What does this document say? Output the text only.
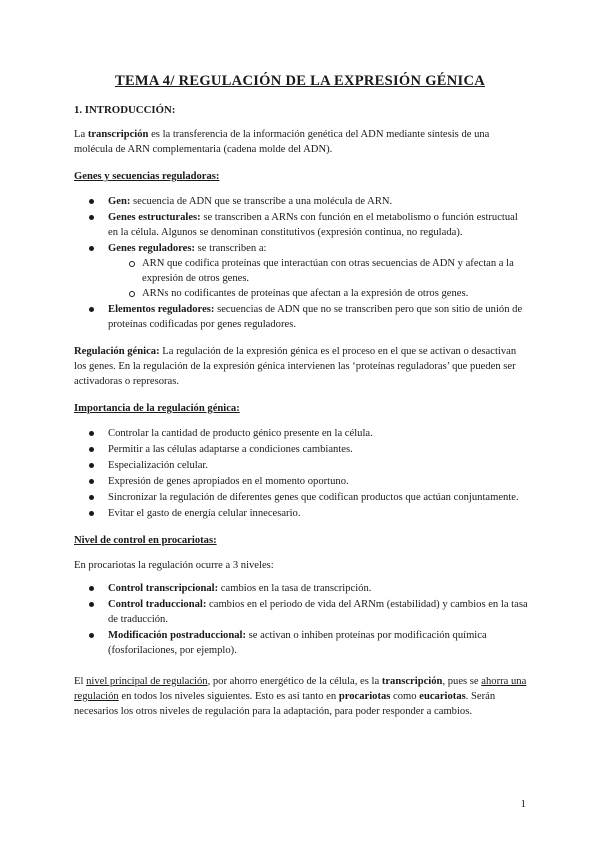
TEMA 4/ REGULACIÓN DE LA EXPRESIÓN GÉNICA
1. INTRODUCCIÓN:
La transcripción es la transferencia de la información genética del ADN mediante síntesis de una molécula de ARN complementaria (cadena molde del ADN).
Genes y secuencias reguladoras:
Gen: secuencia de ADN que se transcribe a una molécula de ARN.
Genes estructurales: se transcriben a ARNs con función en el metabolismo o función estructual en la célula. Algunos se denominan constitutivos (expresión continua, no regulada).
Genes reguladores: se transcriben a:
ARN que codifica proteínas que interactúan con otras secuencias de ADN y afectan a la expresión de otros genes.
ARNs no codificantes de proteínas que afectan a la expresión de otros genes.
Elementos reguladores: secuencias de ADN que no se transcriben pero que son sitio de unión de proteínas codificadas por genes reguladores.
Regulación génica: La regulación de la expresión génica es el proceso en el que se activan o desactivan los genes. En la regulación de la expresión génica intervienen las ‘proteínas reguladoras’ que pueden ser activadoras o represoras.
Importancia de la regulación génica:
Controlar la cantidad de producto génico presente en la célula.
Permitir a las células adaptarse a condiciones cambiantes.
Especialización celular.
Expresión de genes apropiados en el momento oportuno.
Sincronizar la regulación de diferentes genes que codifican productos que actúan conjuntamente.
Evitar el gasto de energía celular innecesario.
Nivel de control en procariotas:
En procariotas la regulación ocurre a 3 niveles:
Control transcripcional: cambios en la tasa de transcripción.
Control traduccional: cambios en el periodo de vida del ARNm (estabilidad) y cambios en la tasa de traducción.
Modificación postraduccional: se activan o inhiben proteínas por modificación química (fosforilaciones, por ejemplo).
El nivel principal de regulación, por ahorro energético de la célula, es la transcripción, pues se ahorra una regulación en todos los niveles siguientes. Esto es así tanto en procariotas como eucariotas. Serán necesarios los otros niveles de regulación para la adaptación, para poder responder a cambios.
1
